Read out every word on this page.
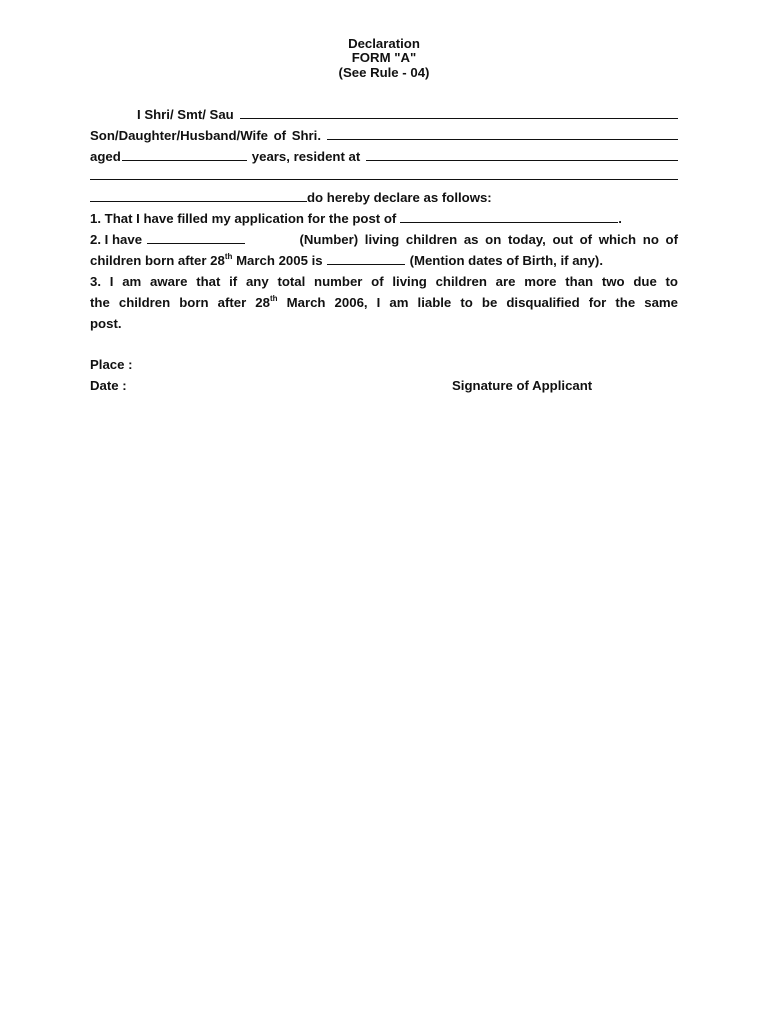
Declaration
FORM "A"
(See Rule - 04)
I Shri/ Smt/ Sau
Son/Daughter/Husband/Wife of Shri.
aged	years, resident at
do hereby declare as follows:
1. That I have filled my application for the post of	.
2. I have	(Number) living children as on today, out of which no of
children born after 28th March 2005 is	(Mention dates of Birth, if any).
3. I am aware that if any total number of living children are more than two due to
the children born after 28th March 2006, I am liable to be disqualified for the same
post.
Place :
Date :	Signature of Applicant
